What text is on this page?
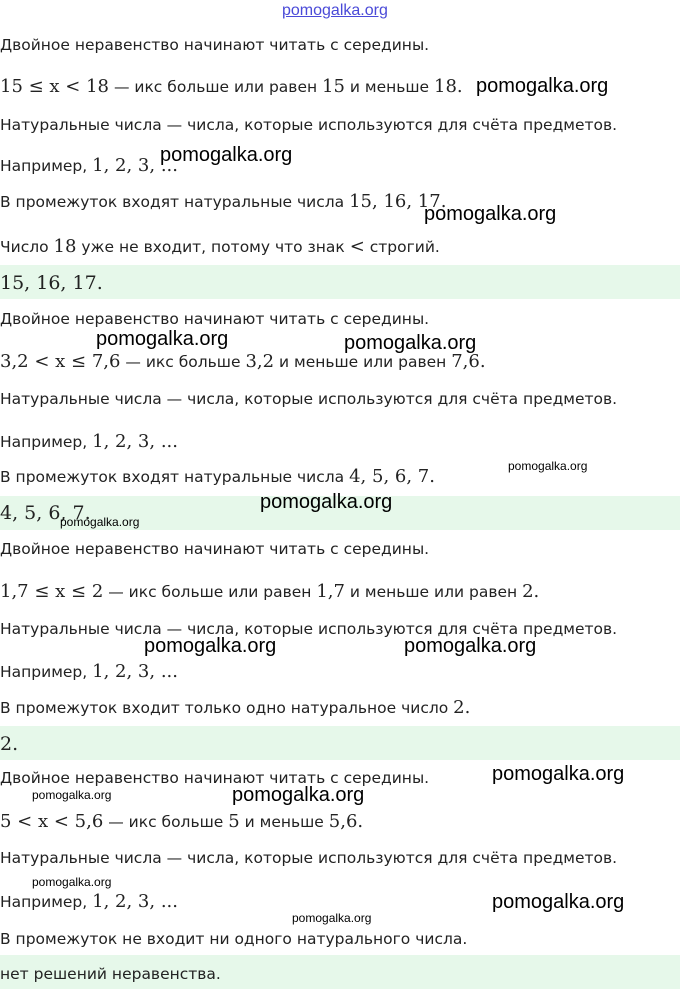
pomogalka.org
Двойное неравенство начинают читать с середины.
15 ≤ x < 18 — икс больше или равен 15 и меньше 18.
Натуральные числа — числа, которые используются для счёта предметов.
Например, 1, 2, 3, ...
В промежуток входят натуральные числа 15, 16, 17.
Число 18 уже не входит, потому что знак < строгий.
15, 16, 17.
Двойное неравенство начинают читать с середины.
3,2 < x ≤ 7,6 — икс больше 3,2 и меньше или равен 7,6.
Натуральные числа — числа, которые используются для счёта предметов.
Например, 1, 2, 3, ...
В промежуток входят натуральные числа 4, 5, 6, 7.
4, 5, 6, 7.
Двойное неравенство начинают читать с середины.
1,7 ≤ x ≤ 2 — икс больше или равен 1,7 и меньше или равен 2.
Натуральные числа — числа, которые используются для счёта предметов.
Например, 1, 2, 3, ...
В промежуток входит только одно натуральное число 2.
2.
Двойное неравенство начинают читать с середины.
5 < x < 5,6 — икс больше 5 и меньше 5,6.
Натуральные числа — числа, которые используются для счёта предметов.
Например, 1, 2, 3, ...
В промежуток не входит ни одного натурального числа.
нет решений неравенства.
pomogalka.org
pomogalka.org
pomogalka.org
pomogalka.org	pomogalka.org
pomogalka.org
pomogalka.org
pomogalka.org
pomogalka.org	pomogalka.org
pomogalka.org
pomogalka.org	pomogalka.org
pomogalka.org
pomogalka.org
pomogalka.org
